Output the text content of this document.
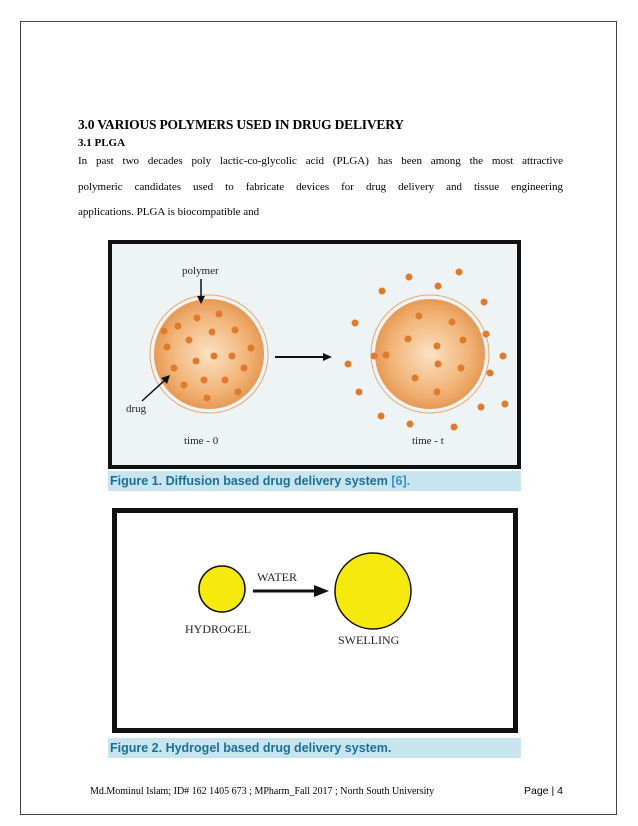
3.0 VARIOUS POLYMERS USED IN DRUG DELIVERY
3.1 PLGA
In past two decades poly lactic-co-glycolic acid (PLGA) has been among the most attractive
polymeric candidates used to fabricate devices for drug delivery and tissue engineering
applications. PLGA is biocompatible and
polymer
drug
time - 0	time - t
Figure 1. Diffusion based drug delivery system [6].
WATER
HYDROGEL
SWELLING
Figure 2. Hydrogel based drug delivery system.
Md.Mominul Islam; ID# 162 1405 673 ; MPharm_Fall 2017 ; North South University	Page | 4
